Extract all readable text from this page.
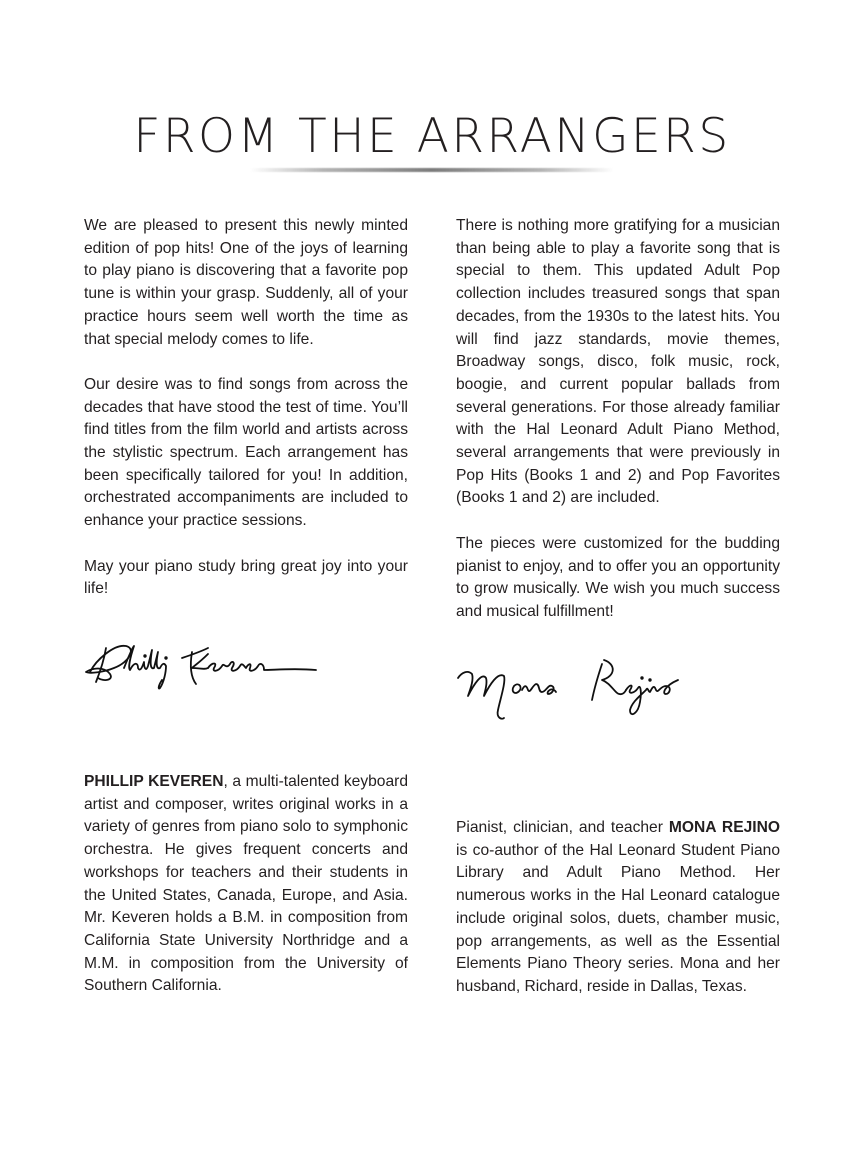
FROM THE ARRANGERS

We are pleased to present this newly minted edition of pop hits! One of the joys of learning to play piano is discovering that a favorite pop tune is within your grasp. Suddenly, all of your practice hours seem well worth the time as that special melody comes to life.

Our desire was to find songs from across the decades that have stood the test of time. You’ll find titles from the film world and artists across the stylistic spectrum. Each arrangement has been specifically tailored for you! In addition, orchestrated accompaniments are included to enhance your practice sessions.

May your piano study bring great joy into your life!

There is nothing more gratifying for a musician than being able to play a favorite song that is special to them. This updated Adult Pop collection includes treasured songs that span decades, from the 1930s to the latest hits. You will find jazz standards, movie themes, Broadway songs, disco, folk music, rock, boogie, and current popular ballads from several generations. For those already familiar with the Hal Leonard Adult Piano Method, several arrangements that were previously in Pop Hits (Books 1 and 2) and Pop Favorites (Books 1 and 2) are included.

The pieces were customized for the budding pianist to enjoy, and to offer you an opportunity to grow musically. We wish you much success and musical fulfillment!

PHILLIP KEVEREN, a multi-talented keyboard artist and composer, writes original works in a variety of genres from piano solo to symphonic orchestra. He gives frequent concerts and workshops for teachers and their students in the United States, Canada, Europe, and Asia. Mr. Keveren holds a B.M. in composition from California State University Northridge and a M.M. in composition from the University of Southern California.

Pianist, clinician, and teacher MONA REJINO is co-author of the Hal Leonard Student Piano Library and Adult Piano Method. Her numerous works in the Hal Leonard catalogue include original solos, duets, chamber music, pop arrangements, as well as the Essential Elements Piano Theory series. Mona and her husband, Richard, reside in Dallas, Texas.
